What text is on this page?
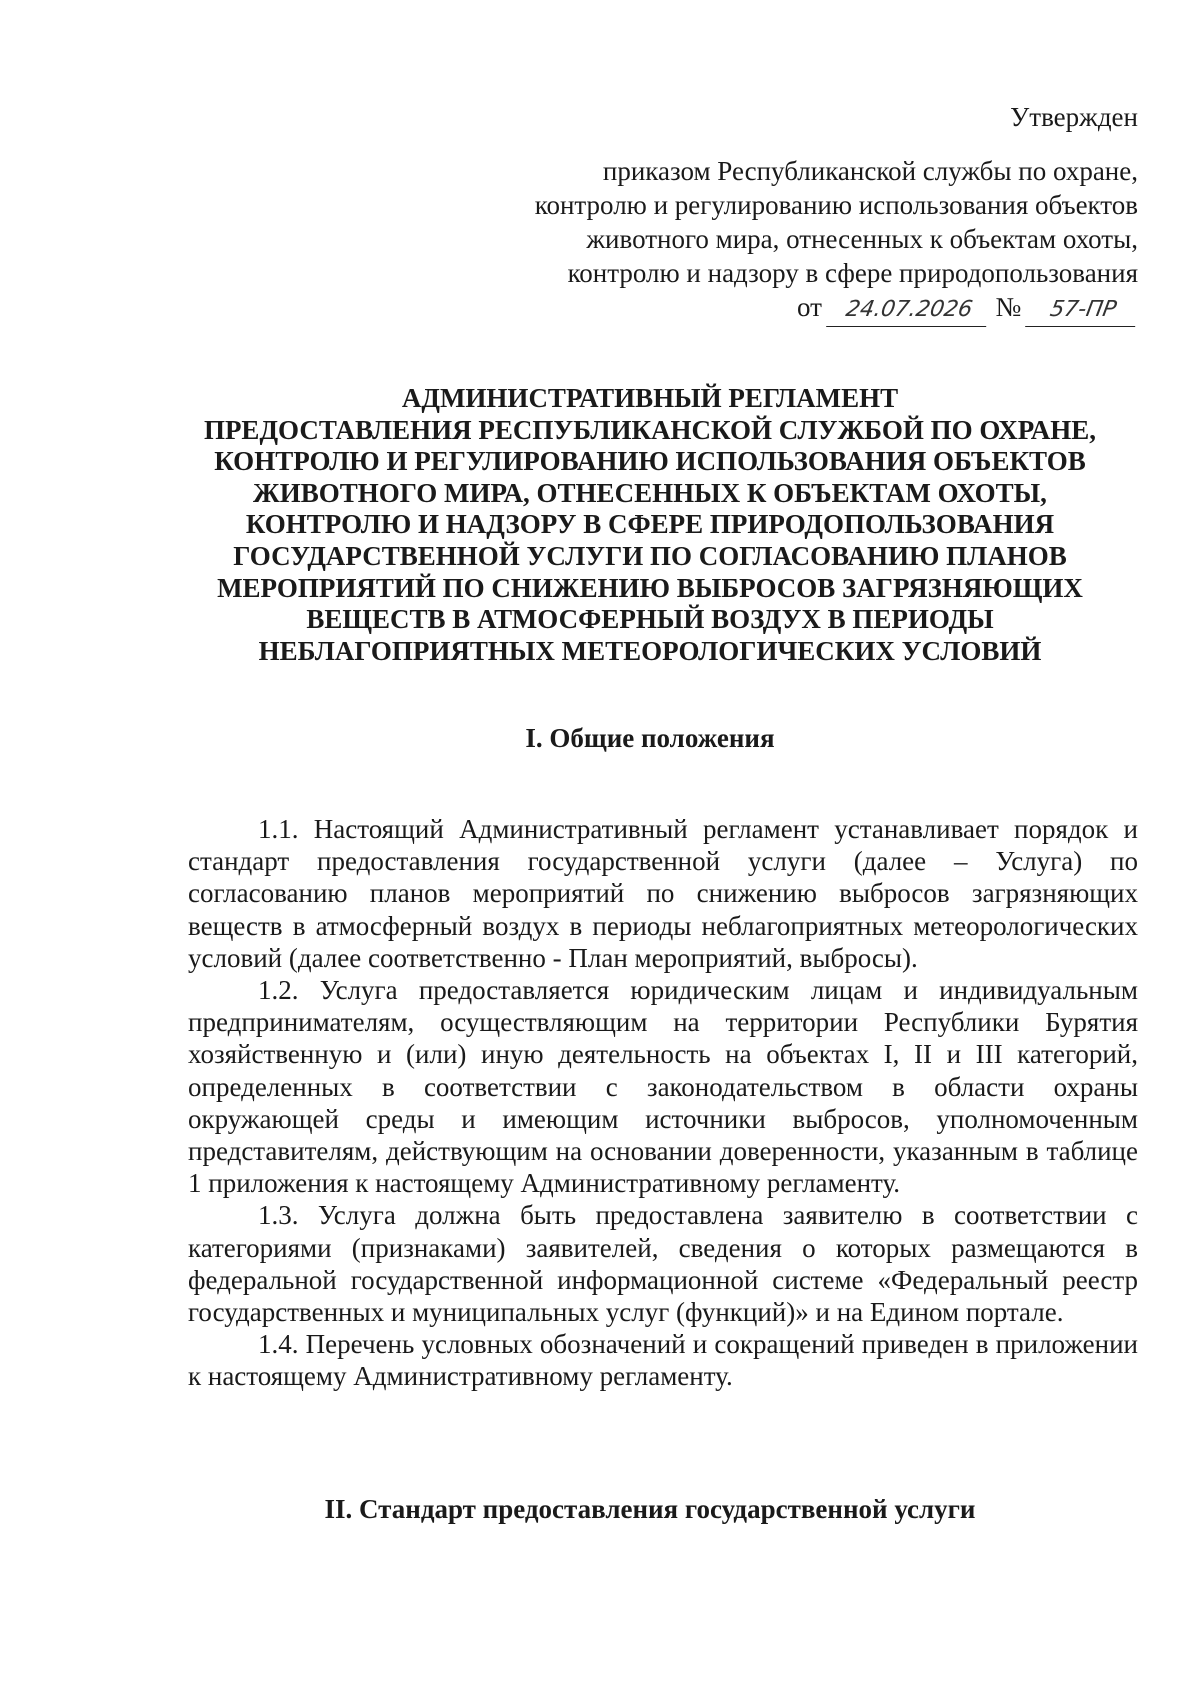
Утвержден
приказом Республиканской службы по охране,
контролю и регулированию использования объектов
животного мира, отнесенных к объектам охоты,
контролю и надзору в сфере природопользования
от 24.07.2026 № 57-ПР
АДМИНИСТРАТИВНЫЙ РЕГЛАМЕНТ
ПРЕДОСТАВЛЕНИЯ РЕСПУБЛИКАНСКОЙ СЛУЖБОЙ ПО ОХРАНЕ,
КОНТРОЛЮ И РЕГУЛИРОВАНИЮ ИСПОЛЬЗОВАНИЯ ОБЪЕКТОВ
ЖИВОТНОГО МИРА, ОТНЕСЕННЫХ К ОБЪЕКТАМ ОХОТЫ,
КОНТРОЛЮ И НАДЗОРУ В СФЕРЕ ПРИРОДОПОЛЬЗОВАНИЯ
ГОСУДАРСТВЕННОЙ УСЛУГИ ПО СОГЛАСОВАНИЮ ПЛАНОВ
МЕРОПРИЯТИЙ ПО СНИЖЕНИЮ ВЫБРОСОВ ЗАГРЯЗНЯЮЩИХ
ВЕЩЕСТВ В АТМОСФЕРНЫЙ ВОЗДУХ В ПЕРИОДЫ
НЕБЛАГОПРИЯТНЫХ МЕТЕОРОЛОГИЧЕСКИХ УСЛОВИЙ
I. Общие положения

1.1. Настоящий Административный регламент устанавливает порядок и стандарт предоставления государственной услуги (далее – Услуга) по согласованию планов мероприятий по снижению выбросов загрязняющих веществ в атмосферный воздух в периоды неблагоприятных метеорологических условий (далее соответственно - План мероприятий, выбросы).

1.2. Услуга предоставляется юридическим лицам и индивидуальным предпринимателям, осуществляющим на территории Республики Бурятия хозяйственную и (или) иную деятельность на объектах I, II и III категорий, определенных в соответствии с законодательством в области охраны окружающей среды и имеющим источники выбросов, уполномоченным представителям, действующим на основании доверенности, указанным в таблице 1 приложения к настоящему Административному регламенту.

1.3. Услуга должна быть предоставлена заявителю в соответствии с категориями (признаками) заявителей, сведения о которых размещаются в федеральной государственной информационной системе «Федеральный реестр государственных и муниципальных услуг (функций)» и на Едином портале.

1.4. Перечень условных обозначений и сокращений приведен в приложении к настоящему Административному регламенту.

II. Стандарт предоставления государственной услуги
